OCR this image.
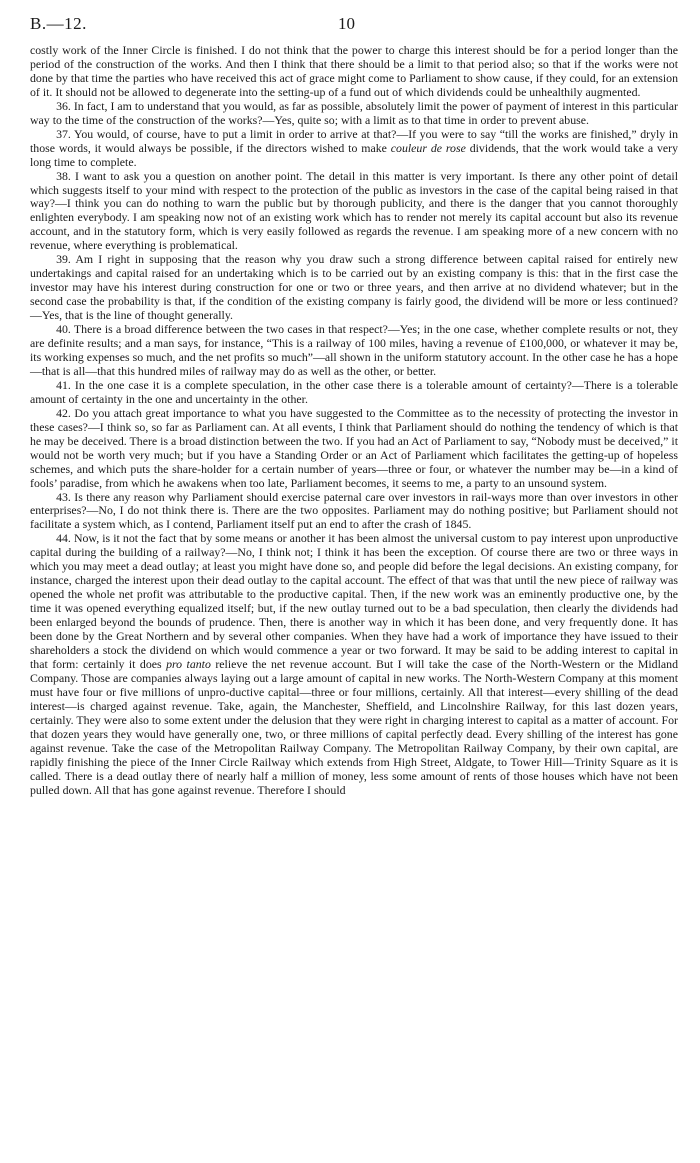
B.—12.	10

costly work of the Inner Circle is finished. I do not think that the power to charge this interest should be for a period longer than the period of the construction of the works. And then I think that there should be a limit to that period also; so that if the works were not done by that time the parties who have received this act of grace might come to Parliament to show cause, if they could, for an extension of it. It should not be allowed to degenerate into the setting-up of a fund out of which dividends could be unhealthily augmented.

36. In fact, I am to understand that you would, as far as possible, absolutely limit the power of payment of interest in this particular way to the time of the construction of the works?—Yes, quite so; with a limit as to that time in order to prevent abuse.

37. You would, of course, have to put a limit in order to arrive at that?—If you were to say “till the works are finished,” dryly in those words, it would always be possible, if the directors wished to make couleur de rose dividends, that the work would take a very long time to complete.

38. I want to ask you a question on another point. The detail in this matter is very important. Is there any other point of detail which suggests itself to your mind with respect to the protection of the public as investors in the case of the capital being raised in that way?—I think you can do nothing to warn the public but by thorough publicity, and there is the danger that you cannot thoroughly enlighten everybody. I am speaking now not of an existing work which has to render not merely its capital account but also its revenue account, and in the statutory form, which is very easily followed as regards the revenue. I am speaking more of a new concern with no revenue, where everything is problematical.

39. Am I right in supposing that the reason why you draw such a strong difference between capital raised for entirely new undertakings and capital raised for an undertaking which is to be carried out by an existing company is this: that in the first case the investor may have his interest during construction for one or two or three years, and then arrive at no dividend whatever; but in the second case the probability is that, if the condition of the existing company is fairly good, the dividend will be more or less continued?—Yes, that is the line of thought generally.

40. There is a broad difference between the two cases in that respect?—Yes; in the one case, whether complete results or not, they are definite results; and a man says, for instance, “This is a railway of 100 miles, having a revenue of £100,000, or whatever it may be, its working expenses so much, and the net profits so much”—all shown in the uniform statutory account. In the other case he has a hope—that is all—that this hundred miles of railway may do as well as the other, or better.

41. In the one case it is a complete speculation, in the other case there is a tolerable amount of certainty?—There is a tolerable amount of certainty in the one and uncertainty in the other.

42. Do you attach great importance to what you have suggested to the Committee as to the necessity of protecting the investor in these cases?—I think so, so far as Parliament can. At all events, I think that Parliament should do nothing the tendency of which is that he may be deceived. There is a broad distinction between the two. If you had an Act of Parliament to say, “Nobody must be deceived,” it would not be worth very much; but if you have a Standing Order or an Act of Parliament which facilitates the getting-up of hopeless schemes, and which puts the share-holder for a certain number of years—three or four, or whatever the number may be—in a kind of fools’ paradise, from which he awakens when too late, Parliament becomes, it seems to me, a party to an unsound system.

43. Is there any reason why Parliament should exercise paternal care over investors in rail-ways more than over investors in other enterprises?—No, I do not think there is. There are the two opposites. Parliament may do nothing positive; but Parliament should not facilitate a system which, as I contend, Parliament itself put an end to after the crash of 1845.

44. Now, is it not the fact that by some means or another it has been almost the universal custom to pay interest upon unproductive capital during the building of a railway?—No, I think not; I think it has been the exception. Of course there are two or three ways in which you may meet a dead outlay; at least you might have done so, and people did before the legal decisions. An existing company, for instance, charged the interest upon their dead outlay to the capital account. The effect of that was that until the new piece of railway was opened the whole net profit was attributable to the productive capital. Then, if the new work was an eminently productive one, by the time it was opened everything equalized itself; but, if the new outlay turned out to be a bad speculation, then clearly the dividends had been enlarged beyond the bounds of prudence. Then, there is another way in which it has been done, and very frequently done. It has been done by the Great Northern and by several other companies. When they have had a work of importance they have issued to their shareholders a stock the dividend on which would commence a year or two forward. It may be said to be adding interest to capital in that form: certainly it does pro tanto relieve the net revenue account. But I will take the case of the North-Western or the Midland Company. Those are companies always laying out a large amount of capital in new works. The North-Western Company at this moment must have four or five millions of unpro-ductive capital—three or four millions, certainly. All that interest—every shilling of the dead interest—is charged against revenue. Take, again, the Manchester, Sheffield, and Lincolnshire Railway, for this last dozen years, certainly. They were also to some extent under the delusion that they were right in charging interest to capital as a matter of account. For that dozen years they would have generally one, two, or three millions of capital perfectly dead. Every shilling of the interest has gone against revenue. Take the case of the Metropolitan Railway Company. The Metropolitan Railway Company, by their own capital, are rapidly finishing the piece of the Inner Circle Railway which extends from High Street, Aldgate, to Tower Hill—Trinity Square as it is called. There is a dead outlay there of nearly half a million of money, less some amount of rents of those houses which have not been pulled down. All that has gone against revenue. Therefore I should
